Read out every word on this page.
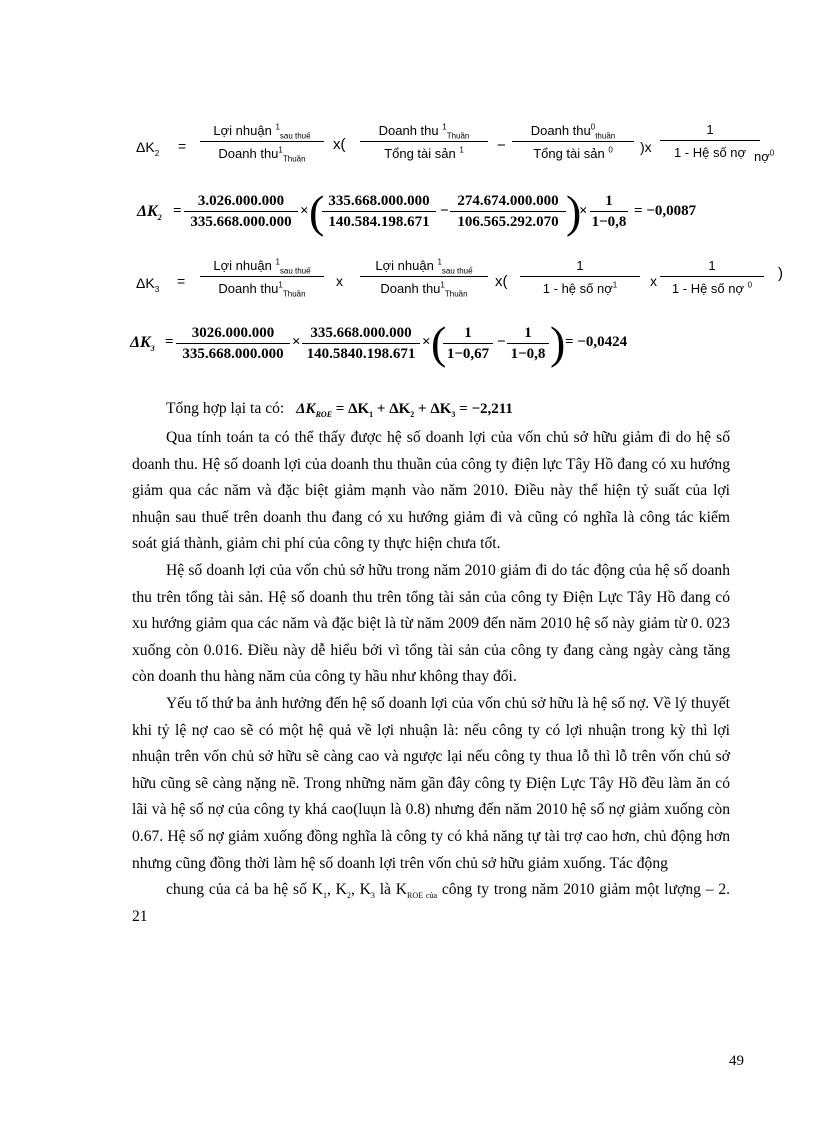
$\Delta K_2$ =
Lợi nhuận $^1_{sau thuế}$
Doanh thu$^1_{Thuần}$
x(
Doanh thu $^1_{Thuần}$
Tổng tài sản $^1$	−
Doanh thu$^0_{thuần}$
Tổng tài sản $^0$	)x
1
1 - Hệ số nợ nợ$^0$
$\Delta K_2$ =
3.026.000.000
335.668.000.000
× ( 335.668.000.000
140.584.198.671
−
274.674.000.000
106.565.292.070 )
×
1
1−0,8
= −0,0087
$\Delta K_3$
=
Lợi nhuận $^1_{sau thuế}$
Doanh thu$^1_{Thuần}$
x
Lợi nhuận $^1_{sau thuế}$
Doanh thu$^1_{Thuần}$
x(
1
1 - hệ số nợ$^1$	x
1
1 - Hệ số nợ $^0$
)
$\Delta K_3$ =
3026.000.000
335.668.000.000
×
335.668.000.000
140.5840.198.671
× (	1
1−0,67
−
1
1−0,8 ) = −0,0424
Tổng hợp lại ta có: $\Delta K_{ROE} = \Delta K_1 + \Delta K_2 + \Delta K_3 = -2,211$

Qua tính toán ta có thể thấy được hệ số doanh lợi của vốn chủ sở hữu giảm đi do hệ số doanh thu. Hệ số doanh lợi của doanh thu thuần của công ty điện lực Tây Hồ đang có xu hướng giảm qua các năm và đặc biệt giảm mạnh vào năm 2010. Điều này thể hiện tỷ suất của lợi nhuận sau thuế trên doanh thu đang có xu hướng giảm đi và cũng có nghĩa là công tác kiểm soát giá thành, giảm chi phí của công ty thực hiện chưa tốt.

Hệ số doanh lợi của vốn chủ sở hữu trong năm 2010 giảm đi do tác động của hệ số doanh thu trên tổng tài sản. Hệ số doanh thu trên tổng tài sản của công ty Điện Lực Tây Hồ đang có xu hướng giảm qua các năm và đặc biệt là từ năm 2009 đến năm 2010 hệ số này giảm từ 0. 023 xuống còn 0.016. Điều này dễ hiểu bởi vì tổng tài sản của công ty đang càng ngày càng tăng còn doanh thu hàng năm của công ty hầu như không thay đổi.

Yếu tố thứ ba ảnh hưởng đến hệ số doanh lợi của vốn chủ sở hữu là hệ số nợ. Về lý thuyết khi tỷ lệ nợ cao sẽ có một hệ quả về lợi nhuận là: nếu công ty có lợi nhuận trong kỳ thì lợi nhuận trên vốn chủ sở hữu sẽ càng cao và ngược lại nếu công ty thua lỗ thì lỗ trên vốn chủ sở hữu cũng sẽ càng nặng nề. Trong những năm gần đây công ty Điện Lực Tây Hồ đều làm ăn có lãi và hệ số nợ của công ty khá cao(luụn là 0.8) nhưng đến năm 2010 hệ số nợ giảm xuống còn 0.67. Hệ số nợ giảm xuống đồng nghĩa là công ty có khả năng tự tài trợ cao hơn, chủ động hơn nhưng cũng đồng thời làm hệ số doanh lợi trên vốn chủ sở hữu giảm xuống. Tác động

chung của cả ba hệ số $K_1$, $K_2$, $K_3$ là $K_{ROE của}$ công ty trong năm 2010 giảm một lượng – 2. 21

49
